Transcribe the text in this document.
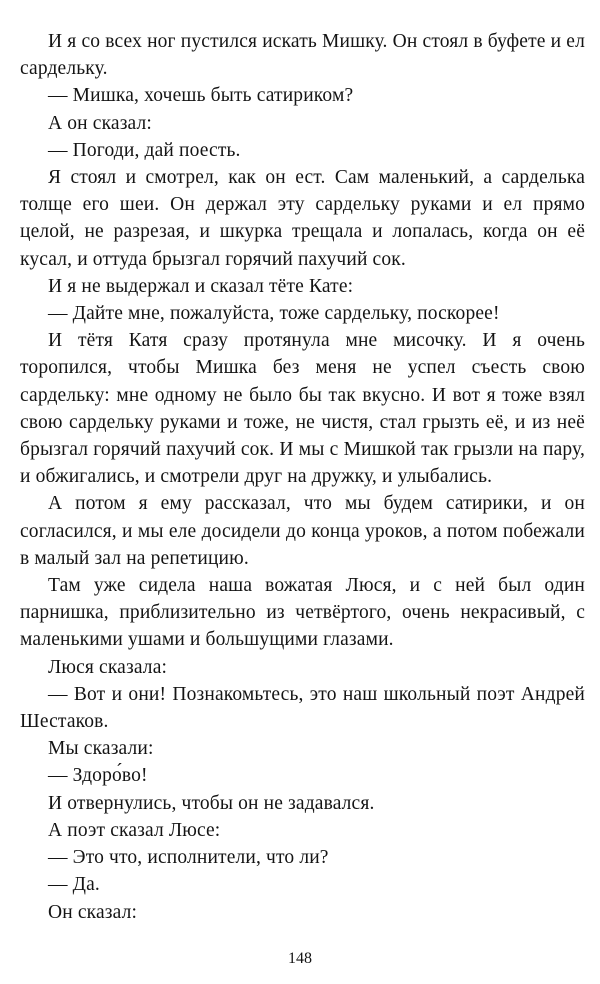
И я со всех ног пустился искать Мишку. Он стоял в буфете и ел сардельку.

— Мишка, хочешь быть сатириком?

А он сказал:

— Погоди, дай поесть.

Я стоял и смотрел, как он ест. Сам маленький, а сарделька толще его шеи. Он держал эту сардельку руками и ел прямо целой, не разрезая, и шкурка трещала и лопалась, когда он её кусал, и оттуда брызгал горячий пахучий сок.

И я не выдержал и сказал тёте Кате:

— Дайте мне, пожалуйста, тоже сардельку, поскорее!

И тётя Катя сразу протянула мне мисочку. И я очень торопился, чтобы Мишка без меня не успел съесть свою сардельку: мне одному не было бы так вкусно. И вот я тоже взял свою сардельку руками и тоже, не чистя, стал грызть её, и из неё брызгал горячий пахучий сок. И мы с Мишкой так грызли на пару, и обжигались, и смотрели друг на дружку, и улыбались.

А потом я ему рассказал, что мы будем сатирики, и он согласился, и мы еле досидели до конца уроков, а потом побежали в малый зал на репетицию.

Там уже сидела наша вожатая Люся, и с ней был один парнишка, приблизительно из четвёртого, очень некрасивый, с маленькими ушами и большущими глазами.

Люся сказала:

— Вот и они! Познакомьтесь, это наш школьный поэт Андрей Шестаков.

Мы сказали:

— Здоро́во!

И отвернулись, чтобы он не задавался.

А поэт сказал Люсе:

— Это что, исполнители, что ли?

— Да.

Он сказал:

148
